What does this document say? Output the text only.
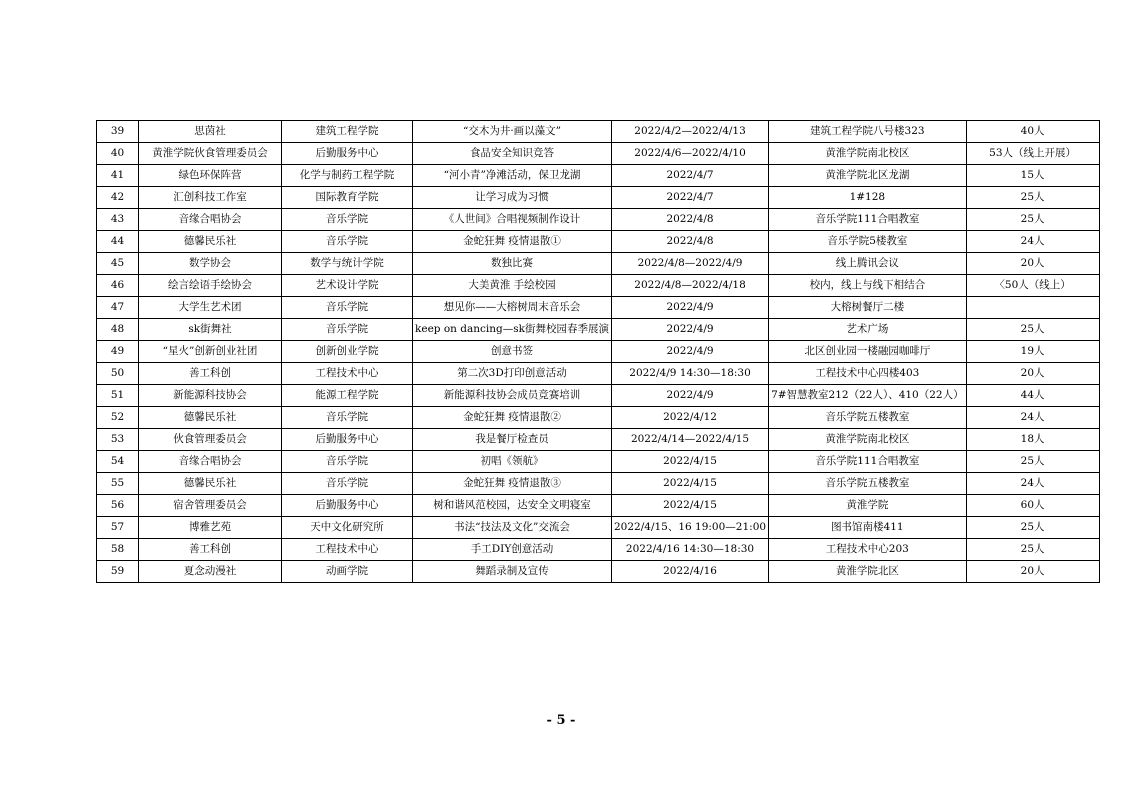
39	思茵社	建筑工程学院	“交木为井·画以藻文”	2022/4/2—2022/4/13	建筑工程学院八号楼323	40人
40	黄淮学院伙食管理委员会	后勤服务中心	食品安全知识竞答	2022/4/6—2022/4/10	黄淮学院南北校区	53人（线上开展）
41	绿色环保阵营	化学与制药工程学院	“河小青”净滩活动，保卫龙湖	2022/4/7	黄淮学院北区龙湖	15人
42	汇创科技工作室	国际教育学院	让学习成为习惯	2022/4/7	1#128	25人
43	音缘合唱协会	音乐学院	《人世间》合唱视频制作设计	2022/4/8	音乐学院111合唱教室	25人
44	德馨民乐社	音乐学院	金蛇狂舞 疫情退散①	2022/4/8	音乐学院5楼教室	24人
45	数学协会	数学与统计学院	数独比赛	2022/4/8—2022/4/9	线上腾讯会议	20人
46	绘言绘语手绘协会	艺术设计学院	大美黄淮 手绘校园	2022/4/8—2022/4/18	校内，线上与线下相结合	〈50人（线上）
47	大学生艺术团	音乐学院	想见你——大榕树周末音乐会	2022/4/9	大榕树餐厅二楼	
48	sk街舞社	音乐学院	keep on dancing—sk街舞校园春季展演	2022/4/9	艺术广场	25人
49	“星火”创新创业社团	创新创业学院	创意书签	2022/4/9	北区创业园一楼融园咖啡厅	19人
50	善工科创	工程技术中心	第二次3D打印创意活动	2022/4/9 14:30—18:30	工程技术中心四楼403	20人
51	新能源科技协会	能源工程学院	新能源科技协会成员竞赛培训	2022/4/9	7#智慧教室212（22人）、410（22人）	44人
52	德馨民乐社	音乐学院	金蛇狂舞 疫情退散②	2022/4/12	音乐学院五楼教室	24人
53	伙食管理委员会	后勤服务中心	我是餐厅检查员	2022/4/14—2022/4/15	黄淮学院南北校区	18人
54	音缘合唱协会	音乐学院	初唱《领航》	2022/4/15	音乐学院111合唱教室	25人
55	德馨民乐社	音乐学院	金蛇狂舞 疫情退散③	2022/4/15	音乐学院五楼教室	24人
56	宿舍管理委员会	后勤服务中心	树和谐风范校园，达安全文明寝室	2022/4/15	黄淮学院	60人
57	博雅艺苑	天中文化研究所	书法“技法及文化”交流会	2022/4/15、16 19:00—21:00	图书馆南楼411	25人
58	善工科创	工程技术中心	手工DIY创意活动	2022/4/16 14:30—18:30	工程技术中心203	25人
59	夏念动漫社	动画学院	舞蹈录制及宣传	2022/4/16	黄淮学院北区	20人
- 5 -
